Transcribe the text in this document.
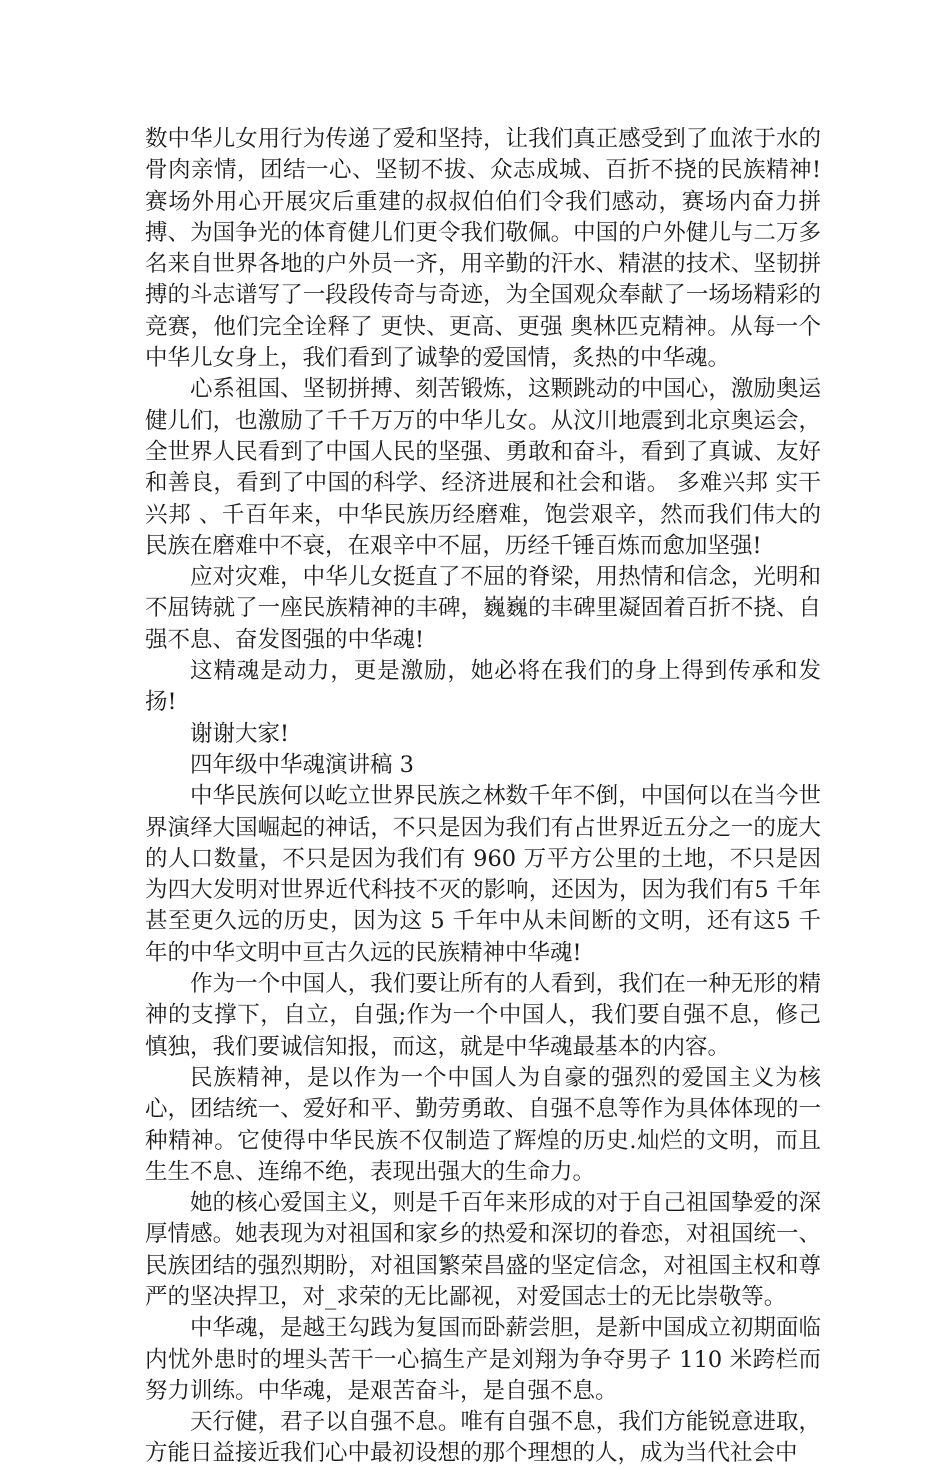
数中华儿女用行为传递了爱和坚持，让我们真正感受到了血浓于水的骨肉亲情，团结一心、坚韧不拔、众志成城、百折不挠的民族精神!赛场外用心开展灾后重建的叔叔伯伯们令我们感动，赛场内奋力拼搏、为国争光的体育健儿们更令我们敬佩。中国的户外健儿与二万多名来自世界各地的户外员一齐，用辛勤的汗水、精湛的技术、坚韧拼搏的斗志谱写了一段段传奇与奇迹，为全国观众奉献了一场场精彩的竞赛，他们完全诠释了 更快、更高、更强 奥林匹克精神。从每一个中华儿女身上，我们看到了诚挚的爱国情，炙热的中华魂。

心系祖国、坚韧拼搏、刻苦锻炼，这颗跳动的中国心，激励奥运健儿们，也激励了千千万万的中华儿女。从汶川地震到北京奥运会，全世界人民看到了中国人民的坚强、勇敢和奋斗，看到了真诚、友好和善良，看到了中国的科学、经济进展和社会和谐。 多难兴邦 实干兴邦 、千百年来，中华民族历经磨难，饱尝艰辛，然而我们伟大的民族在磨难中不衰，在艰辛中不屈，历经千锤百炼而愈加坚强!

应对灾难，中华儿女挺直了不屈的脊梁，用热情和信念，光明和不屈铸就了一座民族精神的丰碑，巍巍的丰碑里凝固着百折不挠、自强不息、奋发图强的中华魂!

这精魂是动力，更是激励，她必将在我们的身上得到传承和发扬!

谢谢大家!

四年级中华魂演讲稿 3

中华民族何以屹立世界民族之林数千年不倒，中国何以在当今世界演绎大国崛起的神话，不只是因为我们有占世界近五分之一的庞大的人口数量，不只是因为我们有 960 万平方公里的土地，不只是因为四大发明对世界近代科技不灭的影响，还因为，因为我们有5 千年甚至更久远的历史，因为这 5 千年中从未间断的文明，还有这5 千年的中华文明中亘古久远的民族精神中华魂!

作为一个中国人，我们要让所有的人看到，我们在一种无形的精神的支撑下，自立，自强;作为一个中国人，我们要自强不息，修己慎独，我们要诚信知报，而这，就是中华魂最基本的内容。

民族精神，是以作为一个中国人为自豪的强烈的爱国主义为核心，团结统一、爱好和平、勤劳勇敢、自强不息等作为具体体现的一种精神。它使得中华民族不仅制造了辉煌的历史.灿烂的文明，而且生生不息、连绵不绝，表现出强大的生命力。

她的核心爱国主义，则是千百年来形成的对于自己祖国挚爱的深厚情感。她表现为对祖国和家乡的热爱和深切的眷恋，对祖国统一、民族团结的强烈期盼，对祖国繁荣昌盛的坚定信念，对祖国主权和尊严的坚决捍卫，对_求荣的无比鄙视，对爱国志士的无比崇敬等。

中华魂，是越王勾践为复国而卧薪尝胆，是新中国成立初期面临内忧外患时的埋头苦干一心搞生产是刘翔为争夺男子 110 米跨栏而努力训练。中华魂，是艰苦奋斗，是自强不息。

天行健，君子以自强不息。唯有自强不息，我们方能锐意进取，方能日益接近我们心中最初设想的那个理想的人，成为当代社会中
